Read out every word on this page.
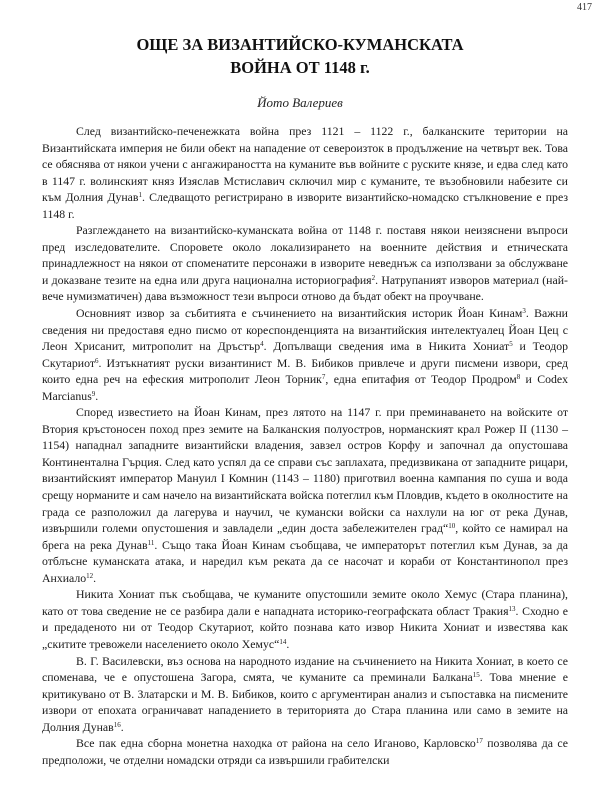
417
ОЩЕ ЗА ВИЗАНТИЙСКО-КУМАНСКАТА
ВОЙНА ОТ 1148 г.
Йото Валериев

След византийско-печенежката война през 1121 – 1122 г., балканските територии на Византийската империя не били обект на нападение от североизток в продължение на четвърт век. Това се обяснява от някои учени с ангажираността на куманите във войните с руските князе, и едва след като в 1147 г. волинският княз Изяслав Мстиславич сключил мир с куманите, те възобновили набезите си към Долния Дунав$^1$. Следващото регистрирано в изворите византийско-номадско стълкновение е през 1148 г.

Разглеждането на византийско-куманската война от 1148 г. поставя някои неизяснени въпроси пред изследователите. Споровете около локализирането на военните действия и етническата принадлежност на някои от споменатите персонажи в изворите неведнъж са използвани за обслужване и доказване тезите на една или друга национална историография$^2$. Натрупаният изворов материал (най-вече нумизматичен) дава възможност тези въпроси отново да бъдат обект на проучване.

Основният извор за събитията е съчинението на византийския историк Йоан Кинам$^3$. Важни сведения ни предоставя едно писмо от кореспонденцията на византийския интелектуалец Йоан Цец с Леон Хрисанит, митрополит на Дръстър$^4$. Допълващи сведения има в Никита Хониат$^5$ и Теодор Скутариот$^6$. Изтъкнатият руски византинист М. В. Бибиков привлече и други писмени извори, сред които една реч на ефеския митрополит Леон Торник$^7$, една епитафия от Теодор Продром$^8$ и Codex Marcianus$^9$.

Според известието на Йоан Кинам, през лятото на 1147 г. при преминаването на войските от Втория кръстоносен поход през земите на Балканския полуостров, норманският крал Рожер II (1130 – 1154) нападнал западните византийски владения, завзел остров Корфу и започнал да опустошава Континентална Гърция. След като успял да се справи със заплахата, предизвикана от западните рицари, византийският император Мануил I Комнин (1143 – 1180) приготвил военна кампания по суша и вода срещу норманите и сам начело на византийската войска потеглил към Пловдив, където в околностите на града се разположил да лагерува и научил, че кумански войски са нахлули на юг от река Дунав, извършили големи опустошения и завладели „един доста забележителен град“$^{10}$, който се намирал на брега на река Дунав$^{11}$. Също така Йоан Кинам съобщава, че императорът потеглил към Дунав, за да отблъсне куманската атака, и наредил към реката да се насочат и кораби от Константинопол през Анхиало$^{12}$.

Никита Хониат пък съобщава, че куманите опустошили земите около Хемус (Стара планина), като от това сведение не се разбира дали е нападната историко-географската област Тракия$^{13}$. Сходно е и предаденото ни от Теодор Скутариот, който познава като извор Никита Хониат и известява как „скитите тревожели населението около Хемус“$^{14}$.

В. Г. Василевски, въз основа на народното издание на съчинението на Никита Хониат, в което се споменава, че е опустошена Загора, смята, че куманите са преминали Балкана$^{15}$. Това мнение е критикувано от В. Златарски и М. В. Бибиков, които с аргументиран анализ и съпоставка на писмените извори от епохата ограничават нападението в територията до Стара планина или само в земите на Долния Дунав$^{16}$.

Все пак една сборна монетна находка от района на село Иганово, Карловско$^{17}$ позволява да се предположи, че отделни номадски отряди са извършили грабителски
